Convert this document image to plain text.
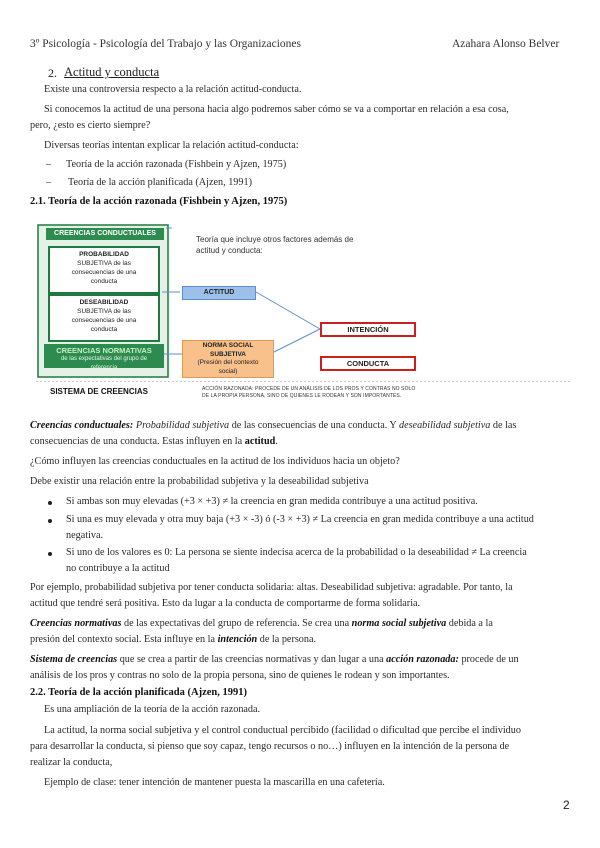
3º Psicología - Psicología del Trabajo y las Organizaciones	Azahara Alonso Belver
2. Actitud y conducta
Existe una controversia respecto a la relación actitud-conducta.
Si conocemos la actitud de una persona hacia algo podremos saber cómo se va a comportar en relación a esa cosa,
pero, ¿esto es cierto siempre?
Diversas teorías intentan explicar la relación actitud-conducta:
– Teoría de la acción razonada (Fishbein y Ajzen, 1975)
– Teoría de la acción planificada (Ajzen, 1991)
2.1. Teoría de la acción razonada (Fishbein y Ajzen, 1975)
CREENCIAS CONDUCTUALES
PROBABILIDAD
SUBJETIVA de las
consecuencias de una
conducta
DESEABILIDAD
SUBJETIVA de las
consecuencias de una
conducta
CREENCIAS NORMATIVAS
de las expectativas del grupo de
referencia
SISTEMA DE CREENCIAS
Teoría que incluye otros factores además de
actitud y conducta:
ACTITUD
NORMA SOCIAL
SUBJETIVA
(Presión del contexto
social)
INTENCIÓN
CONDUCTA
ACCIÓN RAZONADA: PROCEDE DE UN ANÁLISIS DE LOS PROS Y CONTRAS NO SOLO
DE LA PROPIA PERSONA, SINO DE QUIENES LE RODEAN Y SON IMPORTANTES.
Creencias conductuales: Probabilidad subjetiva de las consecuencias de una conducta. Y deseabilidad subjetiva de las
consecuencias de una conducta. Estas influyen en la actitud.
¿Cómo influyen las creencias conductuales en la actitud de los individuos hacia un objeto?
Debe existir una relación entre la probabilidad subjetiva y la deseabilidad subjetiva
Si ambas son muy elevadas (+3 × +3) ≠ la creencia en gran medida contribuye a una actitud positiva.
Si una es muy elevada y otra muy baja (+3 × -3) ó (-3 × +3) ≠ La creencia en gran medida contribuye a una actitud
negativa.
Si uno de los valores es 0: La persona se siente indecisa acerca de la probabilidad o la deseabilidad ≠ La creencia
no contribuye a la actitud
Por ejemplo, probabilidad subjetiva por tener conducta solidaria: altas. Deseabilidad subjetiva: agradable. Por tanto, la
actitud que tendré será positiva. Esto da lugar a la conducta de comportarme de forma solidaria.
Creencias normativas de las expectativas del grupo de referencia. Se crea una norma social subjetiva debida a la
presión del contexto social. Esta influye en la intención de la persona.
Sistema de creencias que se crea a partir de las creencias normativas y dan lugar a una acción razonada: procede de un
análisis de los pros y contras no solo de la propia persona, sino de quienes le rodean y son importantes.
2.2. Teoría de la acción planificada (Ajzen, 1991)
Es una ampliación de la teoría de la acción razonada.
La actitud, la norma social subjetiva y el control conductual percibido (facilidad o dificultad que percibe el individuo
para desarrollar la conducta, si pienso que soy capaz, tengo recursos o no…) influyen en la intención de la persona de
realizar la conducta,
Ejemplo de clase: tener intención de mantener puesta la mascarilla en una cafetería.
2
